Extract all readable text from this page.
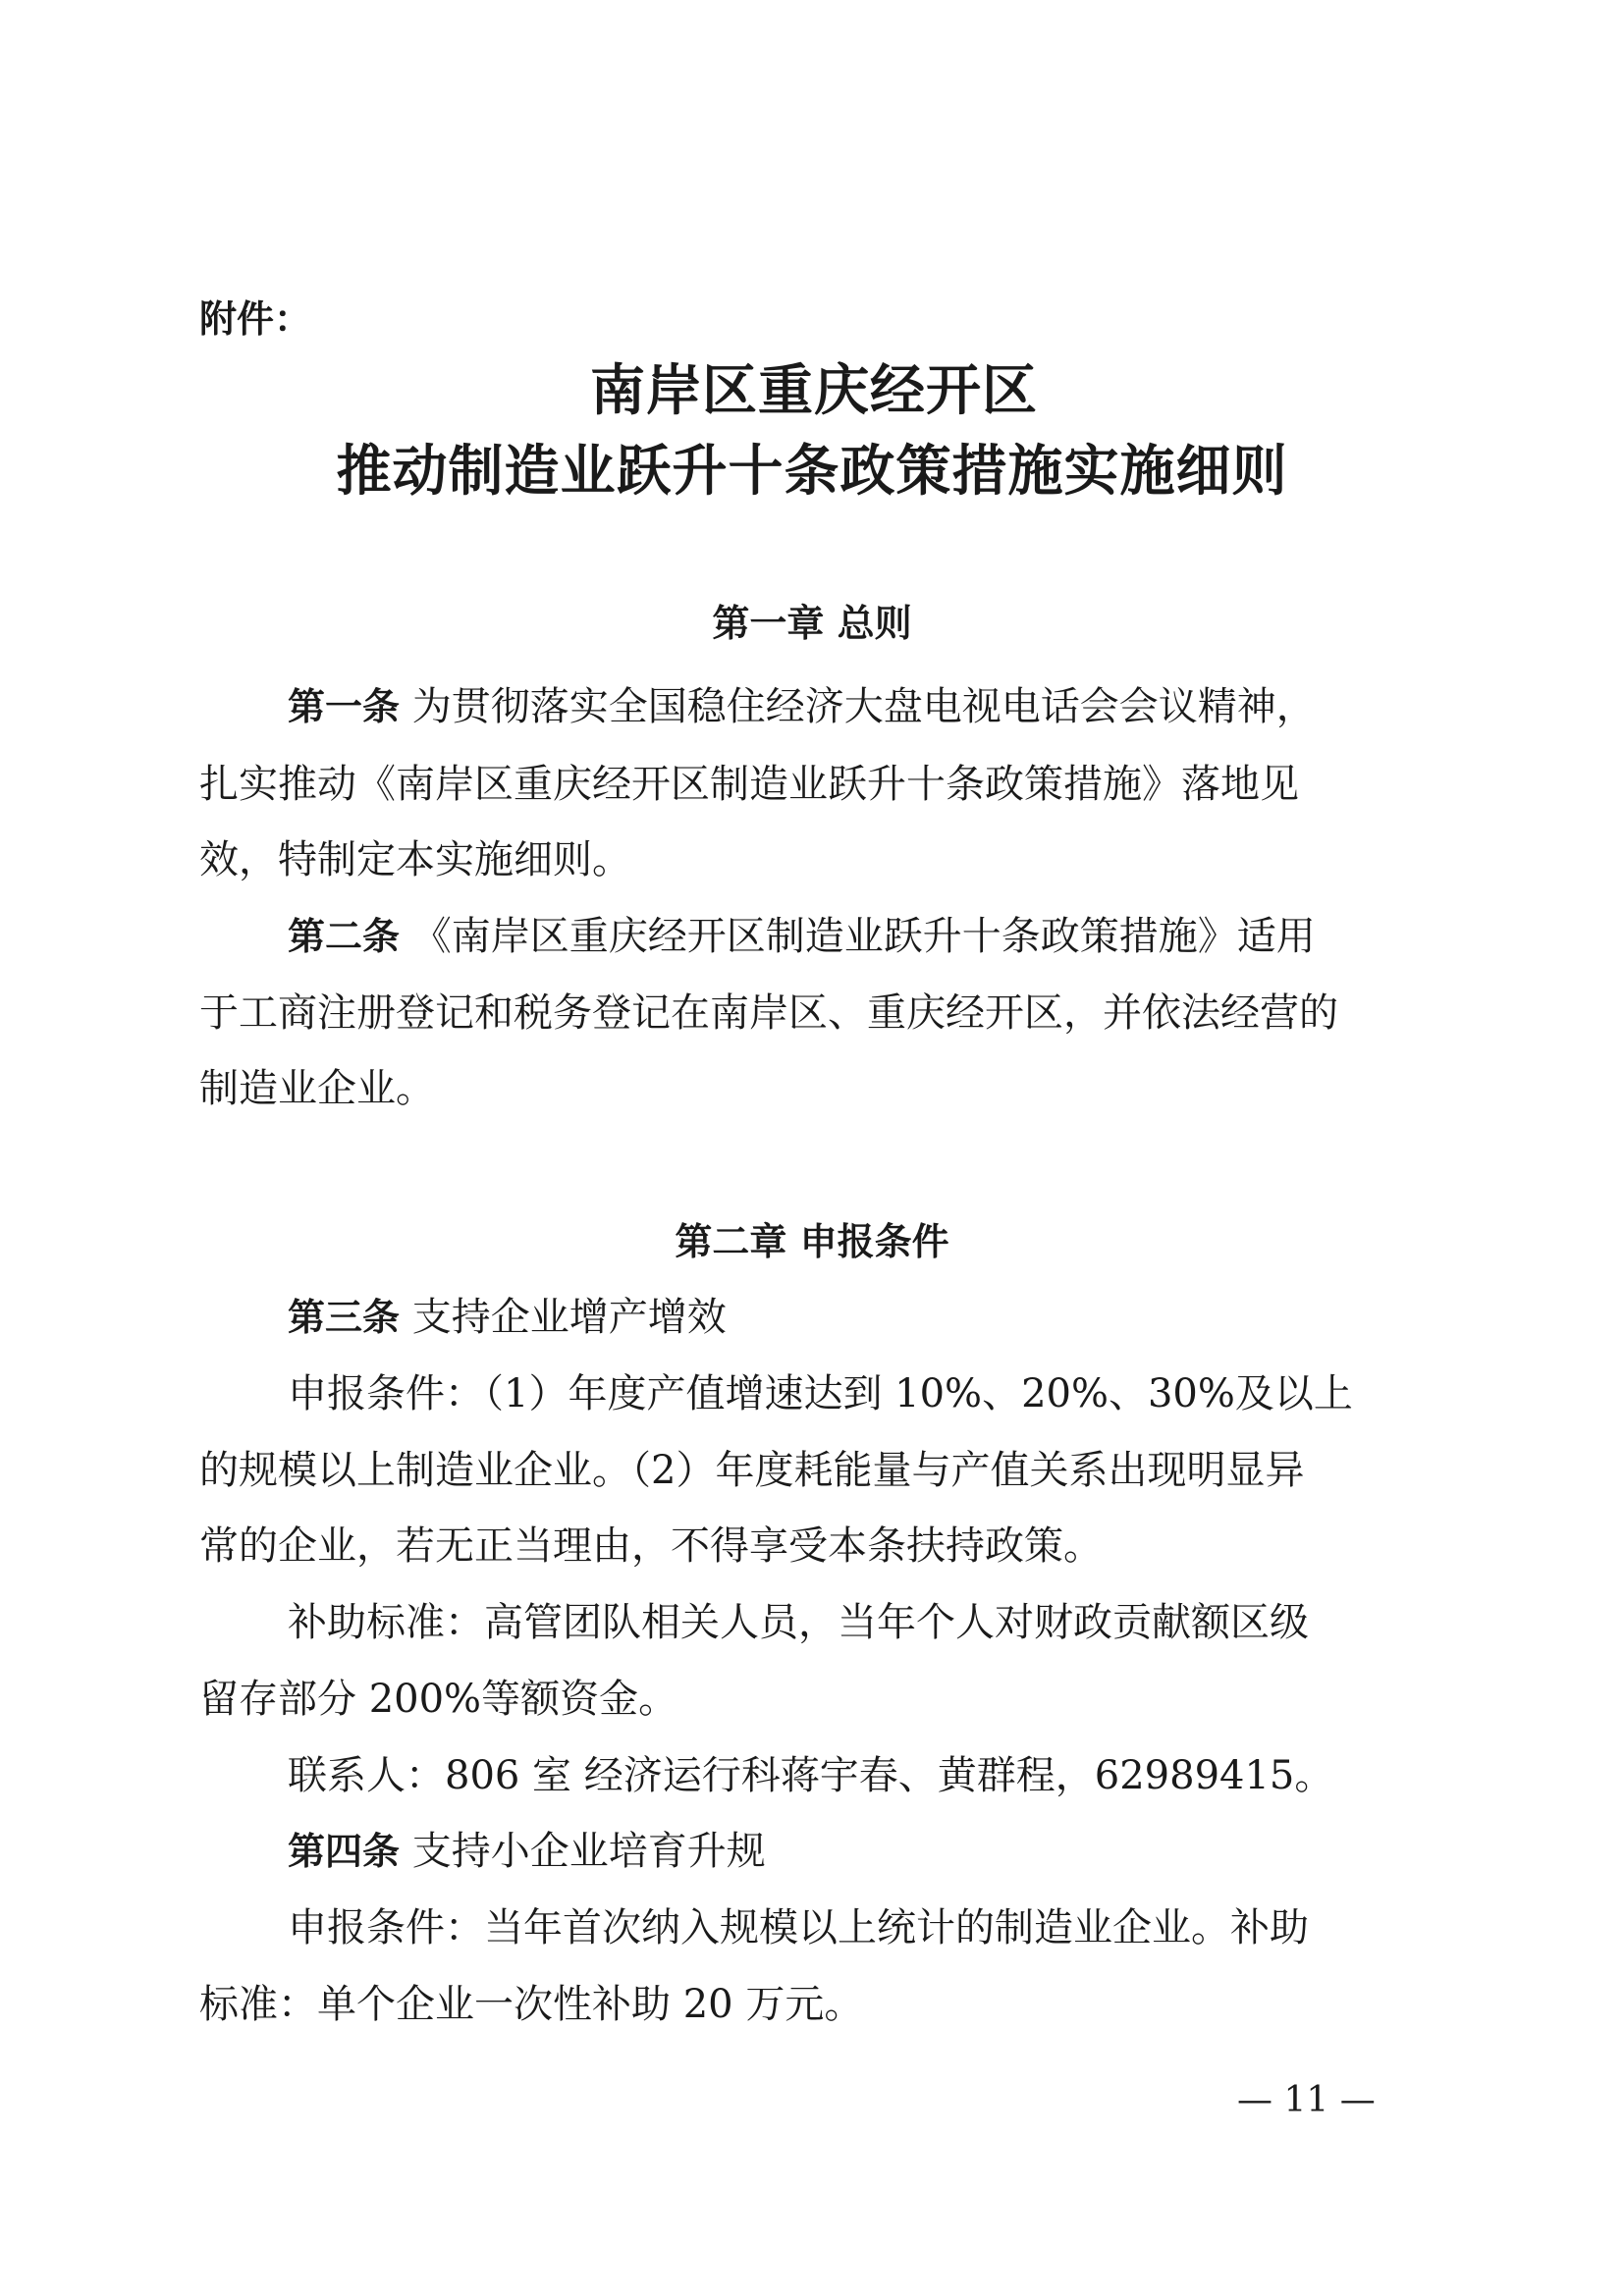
附件：
南岸区重庆经开区
推动制造业跃升十条政策措施实施细则
第一章 总则
第一条 为贯彻落实全国稳住经济大盘电视电话会会议精神，
扎实推动《南岸区重庆经开区制造业跃升十条政策措施》落地见
效，特制定本实施细则。
第二条 《南岸区重庆经开区制造业跃升十条政策措施》适用
于工商注册登记和税务登记在南岸区、重庆经开区，并依法经营的
制造业企业。
第二章 申报条件
第三条 支持企业增产增效
申报条件：（1）年度产值增速达到 10%、20%、30%及以上
的规模以上制造业企业。（2）年度耗能量与产值关系出现明显异
常的企业，若无正当理由，不得享受本条扶持政策。
补助标准：高管团队相关人员，当年个人对财政贡献额区级
留存部分 200%等额资金。
联系人：806 室 经济运行科蒋宇春、黄群程，62989415。
第四条 支持小企业培育升规
申报条件：当年首次纳入规模以上统计的制造业企业。补助
标准：单个企业一次性补助 20 万元。
— 11 —
